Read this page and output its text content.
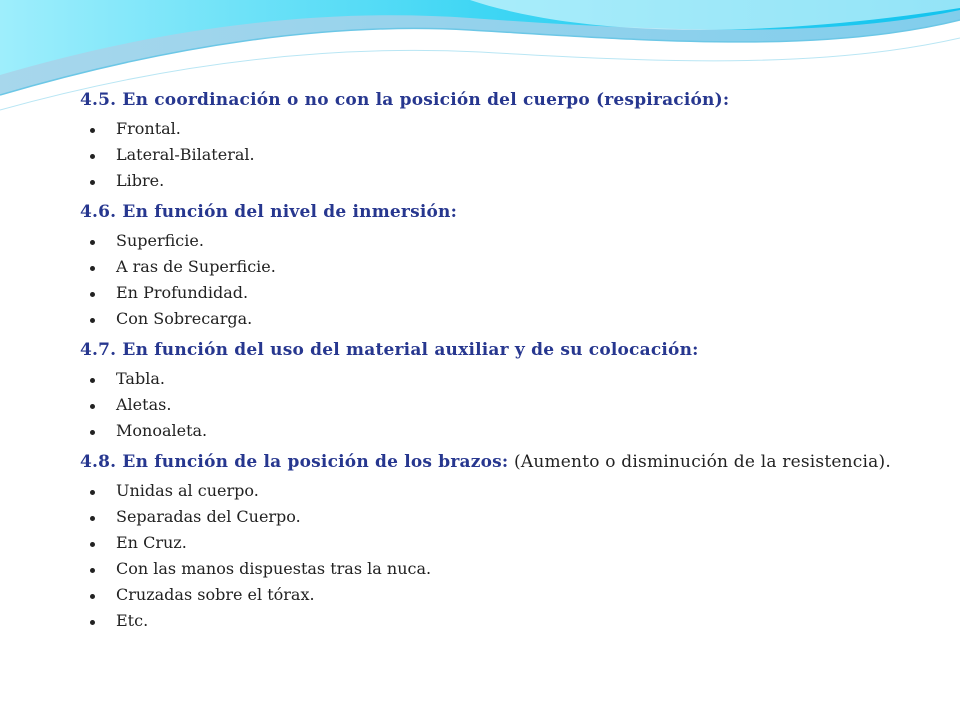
4.5. En coordinación o no con la posición del cuerpo (respiración):

Frontal.
Lateral-Bilateral.
Libre.

4.6. En función del nivel de inmersión:

Superficie.
A ras de Superficie.
En Profundidad.
Con Sobrecarga.

4.7. En función del uso del material auxiliar y de su colocación:

Tabla.
Aletas.
Monoaleta.

4.8. En función de la posición de los brazos: (Aumento o disminución de la resistencia).

Unidas al cuerpo.
Separadas del Cuerpo.
En Cruz.
Con las manos dispuestas tras la nuca.
Cruzadas sobre el tórax.
Etc.
